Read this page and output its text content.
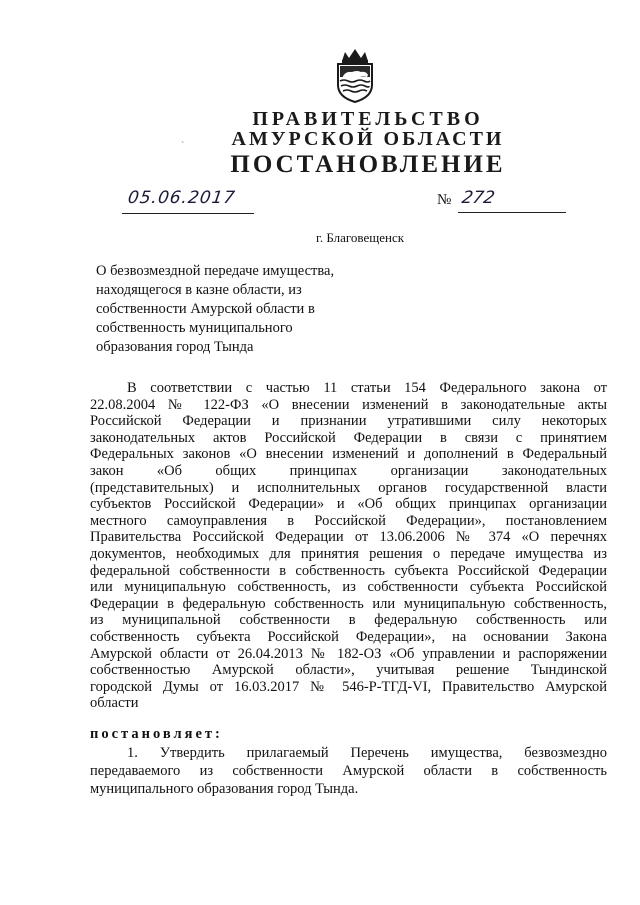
ПРАВИТЕЛЬСТВО
АМУРСКОЙ ОБЛАСТИ
`
ПОСТАНОВЛЕНИЕ
05.06.2017	№ 272
г. Благовещенск
О безвозмездной передаче имущества,
находящегося в казне области, из
собственности Амурской области в
собственность муниципального
образования город Тында
В соответствии с частью 11 статьи 154 Федерального закона от
22.08.2004 № 122-ФЗ «О внесении изменений в законодательные акты
Российской Федерации и признании утратившими силу некоторых
законодательных актов Российской Федерации в связи с принятием
Федеральных законов «О внесении изменений и дополнений в Федеральный
закон «Об общих принципах организации законодательных
(представительных) и исполнительных органов государственной власти
субъектов Российской Федерации» и «Об общих принципах организации
местного самоуправления в Российской Федерации», постановлением
Правительства Российской Федерации от 13.06.2006 № 374 «О перечнях
документов, необходимых для принятия решения о передаче имущества из
федеральной собственности в собственность субъекта Российской Федерации
или муниципальную собственность, из собственности субъекта Российской
Федерации в федеральную собственность или муниципальную собственность,
из муниципальной собственности в федеральную собственность или
собственность субъекта Российской Федерации», на основании Закона
Амурской области от 26.04.2013 № 182-ОЗ «Об управлении и распоряжении
собственностью Амурской области», учитывая решение Тындинской
городской Думы от 16.03.2017 № 546-Р-ТГД-VI, Правительство Амурской
области
постановляет:
1. Утвердить прилагаемый Перечень имущества, безвозмездно
передаваемого из собственности Амурской области в собственность
муниципального образования город Тында.
